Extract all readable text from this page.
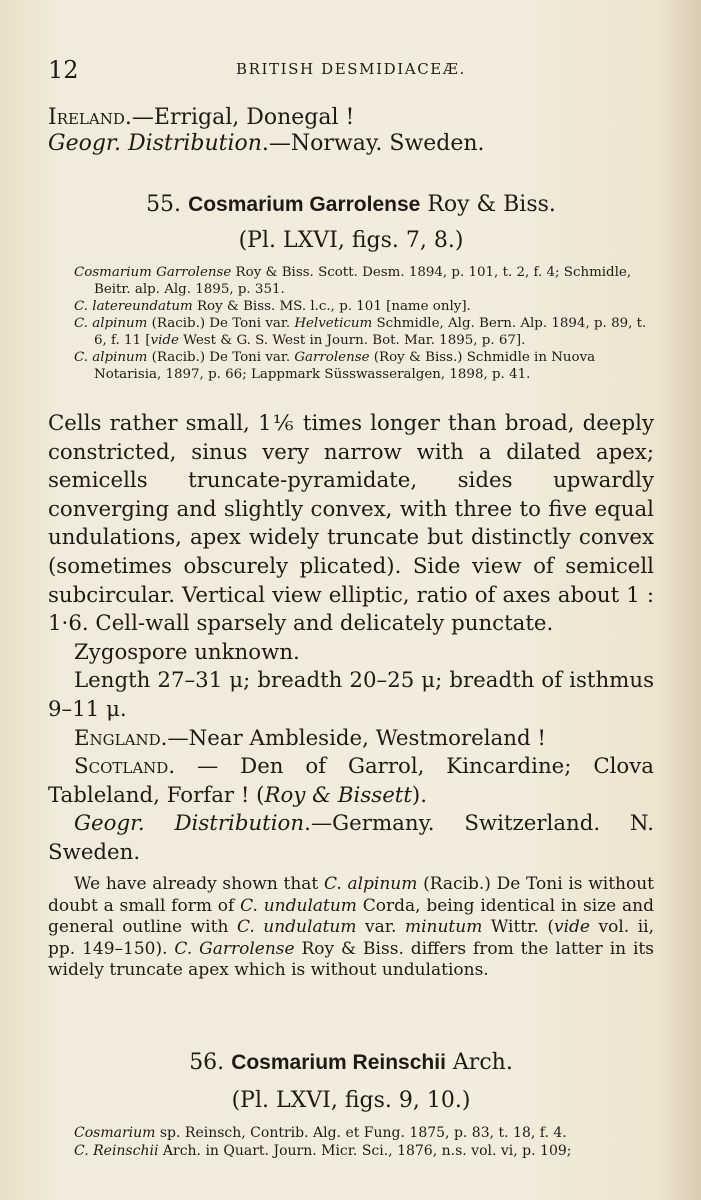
12	BRITISH DESMIDIACEÆ.
Ireland.—Errigal, Donegal !
Geogr. Distribution.—Norway. Sweden.
55. Cosmarium Garrolense Roy & Biss.
(Pl. LXVI, figs. 7, 8.)

Cosmarium Garrolense Roy & Biss. Scott. Desm. 1894, p. 101, t. 2, f. 4; Schmidle, Beitr. alp. Alg. 1895, p. 351.

C. latereundatum Roy & Biss. MS. l.c., p. 101 [name only].

C. alpinum (Racib.) De Toni var. Helveticum Schmidle, Alg. Bern. Alp. 1894, p. 89, t. 6, f. 11 [vide West & G. S. West in Journ. Bot. Mar. 1895, p. 67].

C. alpinum (Racib.) De Toni var. Garrolense (Roy & Biss.) Schmidle in Nuova Notarisia, 1897, p. 66; Lappmark Süsswasseralgen, 1898, p. 41.

Cells rather small, 1⅙ times longer than broad, deeply constricted, sinus very narrow with a dilated apex; semicells truncate-pyramidate, sides upwardly converging and slightly convex, with three to five equal undulations, apex widely truncate but distinctly convex (sometimes obscurely plicated). Side view of semicell subcircular. Vertical view elliptic, ratio of axes about 1 : 1·6. Cell-wall sparsely and delicately punctate.

Zygospore unknown.

Length 27–31 μ; breadth 20–25 μ; breadth of isthmus 9–11 μ.

England.—Near Ambleside, Westmoreland !

Scotland. — Den of Garrol, Kincardine; Clova Tableland, Forfar ! (Roy & Bissett).

Geogr. Distribution.—Germany. Switzerland. N. Sweden.

We have already shown that C. alpinum (Racib.) De Toni is without doubt a small form of C. undulatum Corda, being identical in size and general outline with C. undulatum var. minutum Wittr. (vide vol. ii, pp. 149–150). C. Garrolense Roy & Biss. differs from the latter in its widely truncate apex which is without undulations.

56. Cosmarium Reinschii Arch.
(Pl. LXVI, figs. 9, 10.)

Cosmarium sp. Reinsch, Contrib. Alg. et Fung. 1875, p. 83, t. 18, f. 4.

C. Reinschii Arch. in Quart. Journ. Micr. Sci., 1876, n.s. vol. vi, p. 109;
